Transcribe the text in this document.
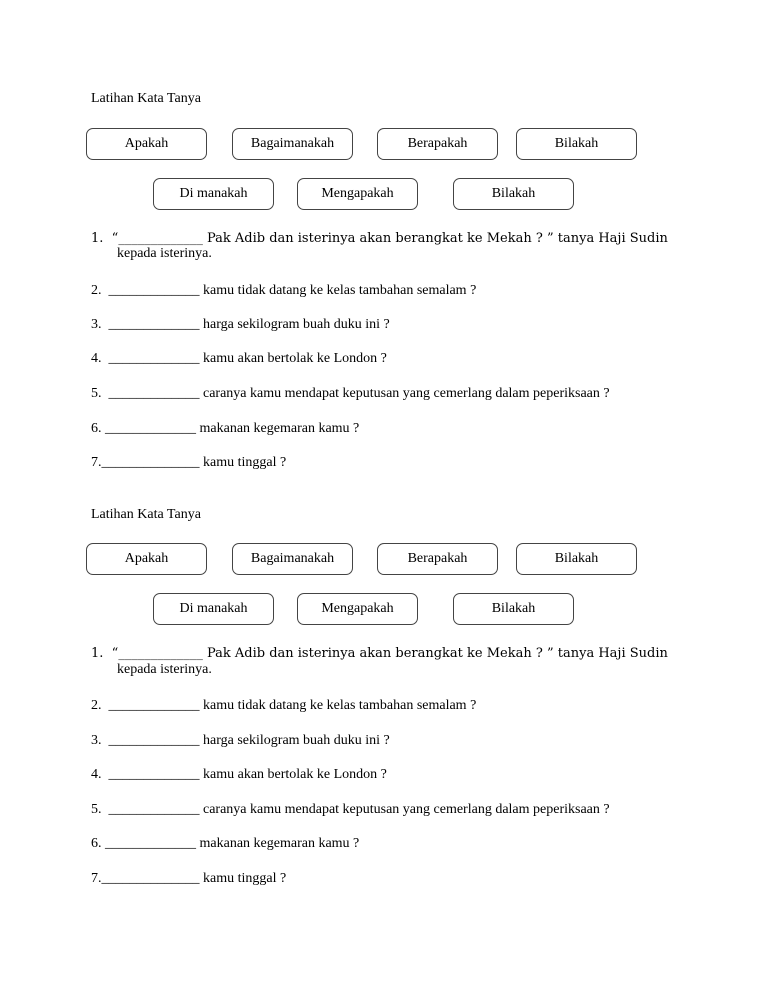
Latihan Kata Tanya
Apakah	Bagaimanakah	Berapakah	Bilakah
Di manakah	Mengapakah	Bilakah
1. “_____________ Pak Adib dan isterinya akan berangkat ke Mekah ? ” tanya Haji Sudin
kepada isterinya.
2. _____________ kamu tidak datang ke kelas tambahan semalam ?
3. _____________ harga sekilogram buah duku ini ?
4. _____________ kamu akan bertolak ke London ?
5. _____________ caranya kamu mendapat keputusan yang cemerlang dalam peperiksaan ?
6. _____________ makanan kegemaran kamu ?
7.______________ kamu tinggal ?
Latihan Kata Tanya
Apakah	Bagaimanakah	Berapakah	Bilakah
Di manakah	Mengapakah	Bilakah
1. “_____________ Pak Adib dan isterinya akan berangkat ke Mekah ? ” tanya Haji Sudin
kepada isterinya.
2. _____________ kamu tidak datang ke kelas tambahan semalam ?
3. _____________ harga sekilogram buah duku ini ?
4. _____________ kamu akan bertolak ke London ?
5. _____________ caranya kamu mendapat keputusan yang cemerlang dalam peperiksaan ?
6. _____________ makanan kegemaran kamu ?
7.______________ kamu tinggal ?
